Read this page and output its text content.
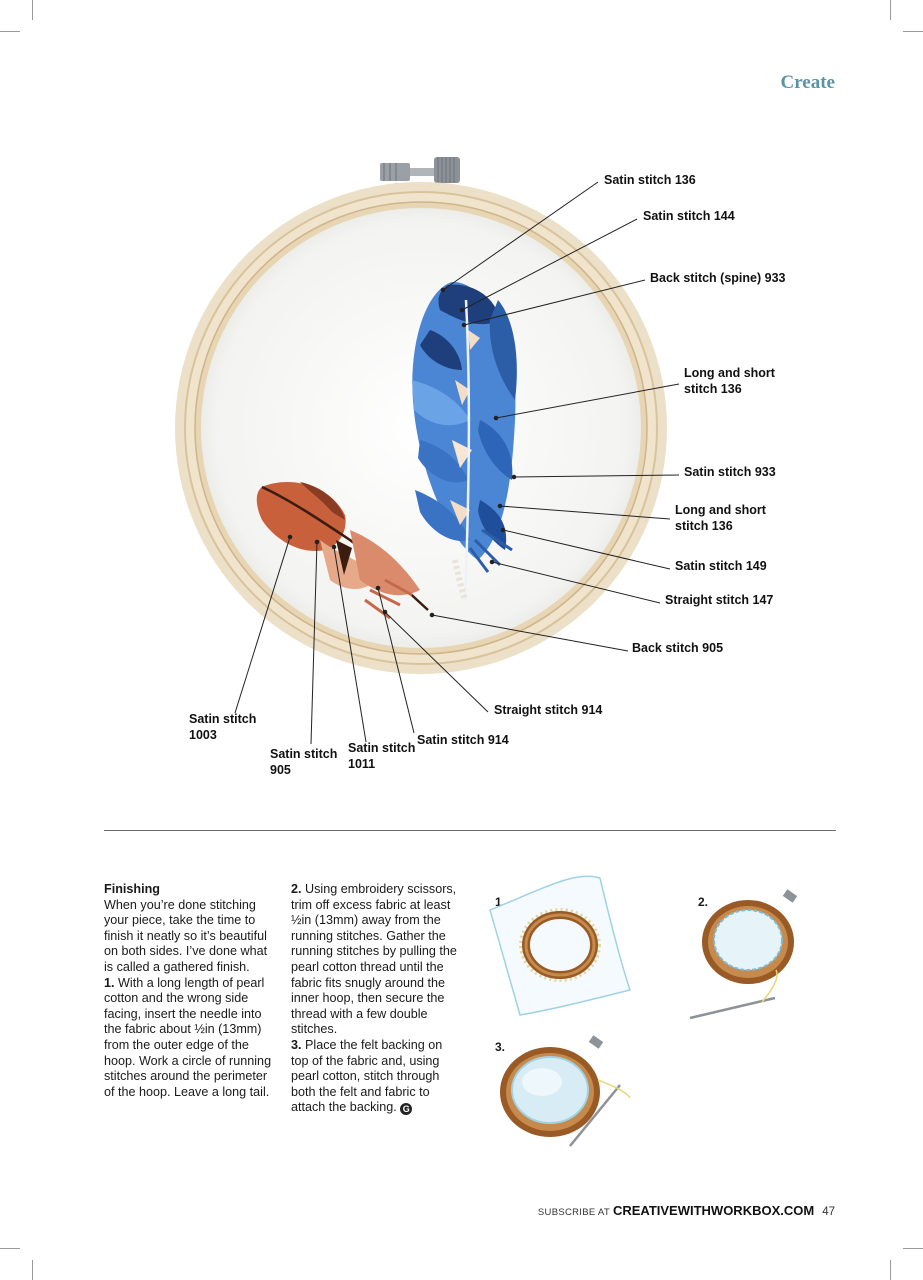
Create
Satin stitch 136
Satin stitch 144
Back stitch (spine) 933
Long and short
stitch 136
Satin stitch 933
Long and short
stitch 136
Satin stitch 149
Straight stitch 147
Back stitch 905
Straight stitch 914
Satin stitch 914
Satin stitch
1011
Satin stitch
905
Satin stitch
1003

Finishing

When you’re done stitching your piece, take the time to finish it neatly so it’s beautiful on both sides. I’ve done what is called a gathered finish.

1. With a long length of pearl cotton and the wrong side facing, insert the needle into the fabric about ½in (13mm) from the outer edge of the hoop. Work a circle of running stitches around the perimeter of the hoop. Leave a long tail.

2. Using embroidery scissors, trim off excess fabric at least ½in (13mm) away from the running stitches. Gather the running stitches by pulling the pearl cotton thread until the fabric fits snugly around the inner hoop, then secure the thread with a few double stitches.

3. Place the felt backing on top of the fabric and, using pearl cotton, stitch through both the felt and fabric to attach the backing. G

1.	2.
3.
SUBSCRIBE AT CREATIVEWITHWORKBOX.COM 47
